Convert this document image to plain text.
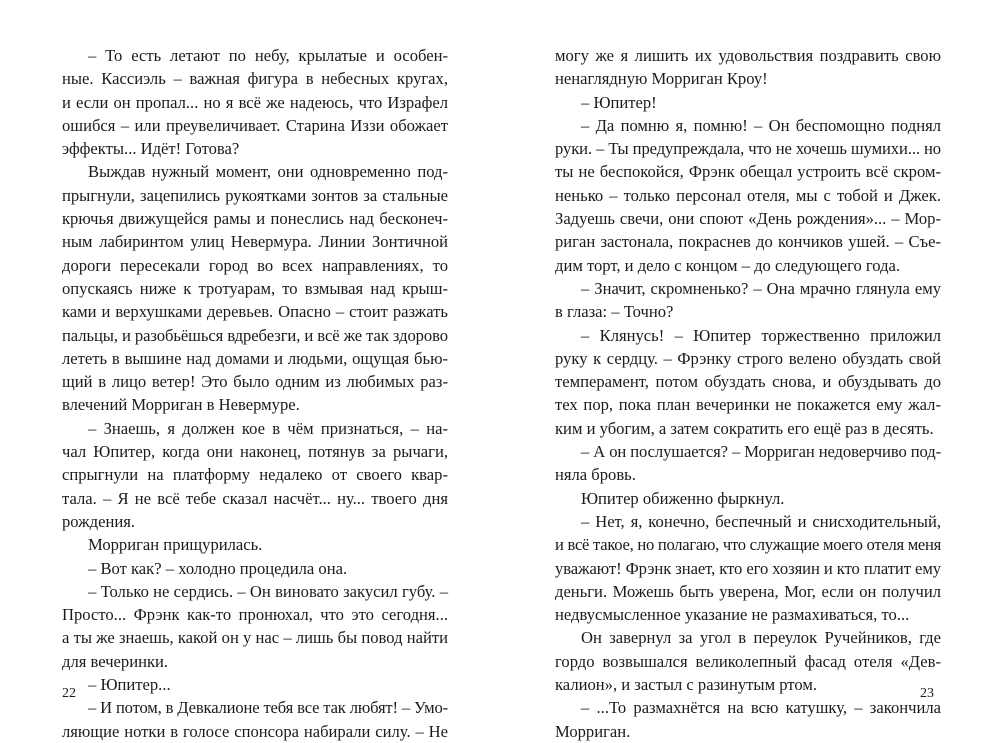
– То есть летают по небу, крылатые и особен-
ные. Кассиэль – важная фигура в небесных кругах,
и если он пропал... но я всё же надеюсь, что Израфел
ошибся – или преувеличивает. Старина Иззи обожает
эффекты... Идёт! Готова?
Выждав нужный момент, они одновременно под-
прыгнули, зацепились рукоятками зонтов за стальные
крючья движущейся рамы и понеслись над бесконеч-
ным лабиринтом улиц Невермура. Линии Зонтичной
дороги пересекали город во всех направлениях, то
опускаясь ниже к тротуарам, то взмывая над крыш-
ками и верхушками деревьев. Опасно – стоит разжать
пальцы, и разобьёшься вдребезги, и всё же так здорово
лететь в вышине над домами и людьми, ощущая бью-
щий в лицо ветер! Это было одним из любимых раз-
влечений Морриган в Невермуре.
– Знаешь, я должен кое в чём признаться, – на-
чал Юпитер, когда они наконец, потянув за рычаги,
спрыгнули на платформу недалеко от своего квар-
тала. – Я не всё тебе сказал насчёт... ну... твоего дня
рождения.
Морриган прищурилась.
– Вот как? – холодно процедила она.
– Только не сердись. – Он виновато закусил губу. –
Просто... Фрэнк как-то пронюхал, что это сегодня...
а ты же знаешь, какой он у нас – лишь бы повод найти
для вечеринки.
– Юпитер...
– И потом, в Девкалионе тебя все так любят! – Умо-
ляющие нотки в голосе спонсора набирали силу. – Не
могу же я лишить их удовольствия поздравить свою
ненаглядную Морриган Кроу!
– Юпитер!
– Да помню я, помню! – Он беспомощно поднял
руки. – Ты предупреждала, что не хочешь шумихи... но
ты не беспокойся, Фрэнк обещал устроить всё скром-
ненько – только персонал отеля, мы с тобой и Джек.
Задуешь свечи, они споют «День рождения»... – Мор-
риган застонала, покраснев до кончиков ушей. – Съе-
дим торт, и дело с концом – до следующего года.
– Значит, скромненько? – Она мрачно глянула ему
в глаза: – Точно?
– Клянусь! – Юпитер торжественно приложил
руку к сердцу. – Фрэнку строго велено обуздать свой
темперамент, потом обуздать снова, и обуздывать до
тех пор, пока план вечеринки не покажется ему жал-
ким и убогим, а затем сократить его ещё раз в десять.
– А он послушается? – Морриган недоверчиво под-
няла бровь.
Юпитер обиженно фыркнул.
– Нет, я, конечно, беспечный и снисходительный,
и всё такое, но полагаю, что служащие моего отеля меня
уважают! Фрэнк знает, кто его хозяин и кто платит ему
деньги. Можешь быть уверена, Мог, если он получил
недвусмысленное указание не размахиваться, то...
Он завернул за угол в переулок Ручейников, где
гордо возвышался великолепный фасад отеля «Дев-
калион», и застыл с разинутым ртом.
– ...То размахнётся на всю катушку, – закончила
Морриган.
22	23
